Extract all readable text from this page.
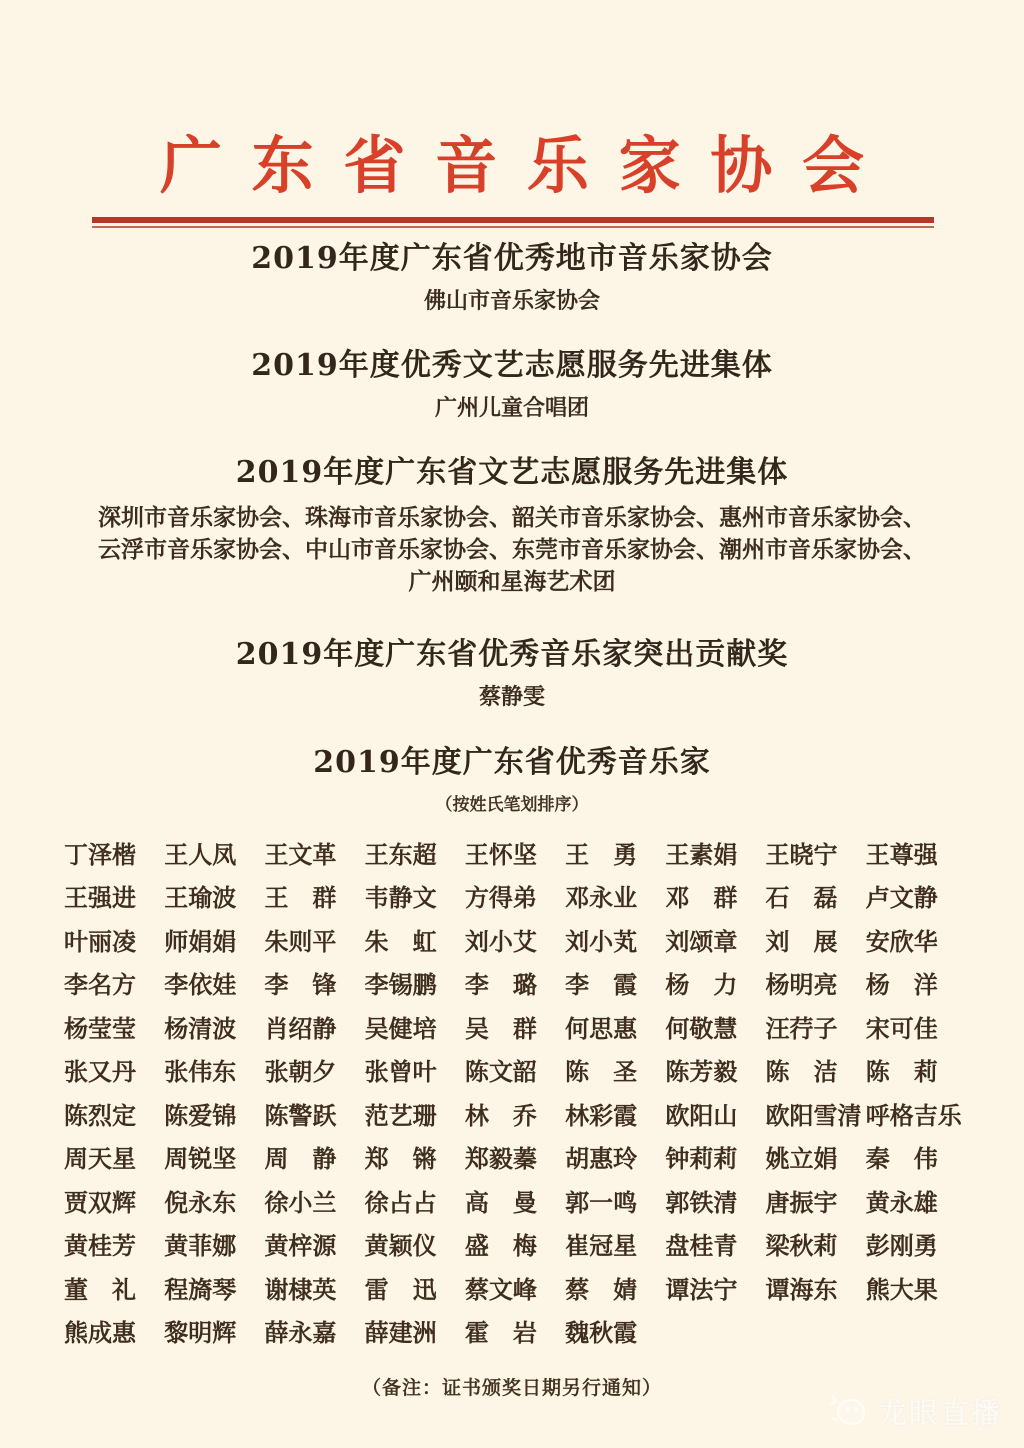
广东省音乐家协会
2019年度广东省优秀地市音乐家协会
佛山市音乐家协会
2019年度优秀文艺志愿服务先进集体
广州儿童合唱团
2019年度广东省文艺志愿服务先进集体
深圳市音乐家协会、珠海市音乐家协会、韶关市音乐家协会、惠州市音乐家协会、
云浮市音乐家协会、中山市音乐家协会、东莞市音乐家协会、潮州市音乐家协会、
广州颐和星海艺术团
2019年度广东省优秀音乐家突出贡献奖
蔡静雯
2019年度广东省优秀音乐家
（按姓氏笔划排序）
丁泽楷 王人凤 王文革 王东超 王怀坚 王　勇 王素娟 王晓宁 王尊强
王强进 王瑜波 王　群 韦静文 方得弟 邓永业 邓　群 石　磊 卢文静
叶丽凌 师娟娟 朱则平 朱　虹 刘小艾 刘小芄 刘颂章 刘　展 安欣华
李名方 李依娃 李　锋 李锡鹏 李　璐 李　霞 杨　力 杨明亮 杨　洋
杨莹莹 杨清波 肖绍静 吴健培 吴　群 何思惠 何敬慧 汪荇子 宋可佳
张又丹 张伟东 张朝夕 张曾叶 陈文韶 陈　圣 陈芳毅 陈　洁 陈　莉
陈烈定 陈爱锦 陈警跃 范艺珊 林　乔 林彩霞 欧阳山 欧阳雪清 呼格吉乐
周天星 周锐坚 周　静 郑　锵 郑毅蓁 胡惠玲 钟莉莉 姚立娟 秦　伟
贾双辉 倪永东 徐小兰 徐占占 高　曼 郭一鸣 郭铁清 唐振宇 黄永雄
黄桂芳 黄菲娜 黄梓源 黄颖仪 盛　梅 崔冠星 盘桂青 梁秋莉 彭刚勇
董　礼 程旖琴 谢棣英 雷　迅 蔡文峰 蔡　婧 谭法宁 谭海东 熊大果
熊成惠 黎明辉 薛永嘉 薛建洲 霍　岩 魏秋霞
（备注：证书颁奖日期另行通知）
龙眼直播
